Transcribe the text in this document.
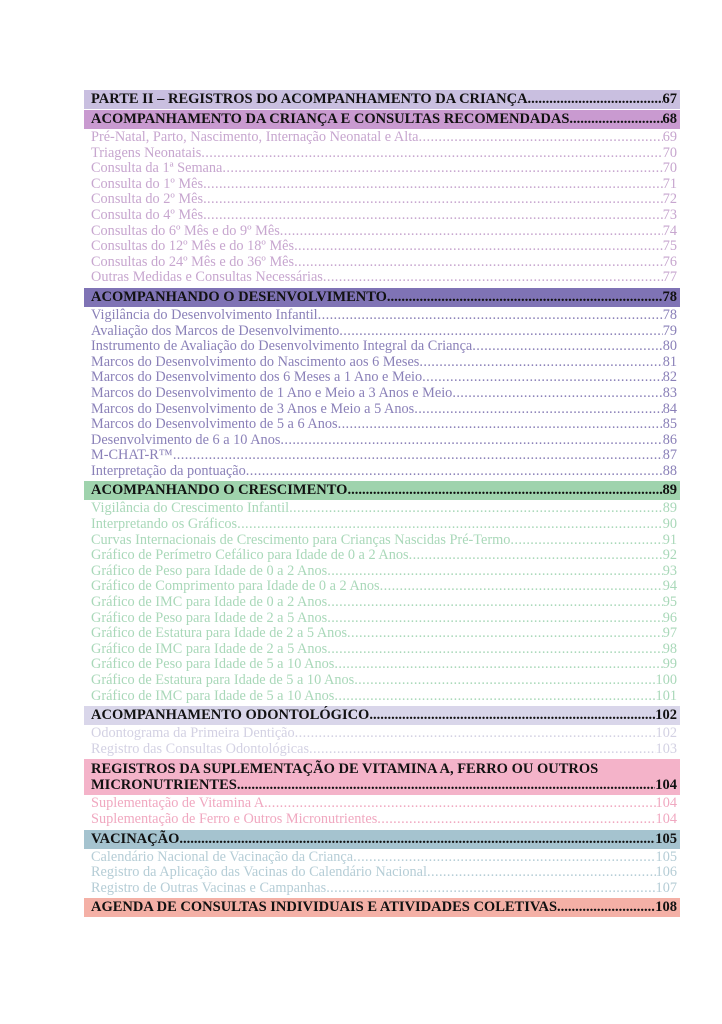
PARTE II – REGISTROS DO ACOMPANHAMENTO DA CRIANÇA .....	67
ACOMPANHAMENTO DA CRIANÇA E CONSULTAS RECOMENDADAS .....	68
Pré-Natal, Parto, Nascimento, Internação Neonatal e Alta .....	69
Triagens Neonatais .....	70
Consulta da 1ª Semana .....	70
Consulta do 1º Mês .....	71
Consulta do 2º Mês .....	72
Consulta do 4º Mês .....	73
Consultas do 6º Mês e do 9º Mês .....	74
Consultas do 12º Mês e do 18º Mês .....	75
Consultas do 24º Mês e do 36º Mês .....	76
Outras Medidas e Consultas Necessárias .....	77
ACOMPANHANDO O DESENVOLVIMENTO .....	78
Vigilância do Desenvolvimento Infantil .....	78
Avaliação dos Marcos de Desenvolvimento .....	79
Instrumento de Avaliação do Desenvolvimento Integral da Criança .....	80
Marcos do Desenvolvimento do Nascimento aos 6 Meses .....	81
Marcos do Desenvolvimento dos 6 Meses a 1 Ano e Meio .....	82
Marcos do Desenvolvimento de 1 Ano e Meio a 3 Anos e Meio .....	83
Marcos do Desenvolvimento de 3 Anos e Meio a 5 Anos .....	84
Marcos do Desenvolvimento de 5 a 6 Anos .....	85
Desenvolvimento de 6 a 10 Anos .....	86
M-CHAT-R™ .....	87
Interpretação da pontuação .....	88
ACOMPANHANDO O CRESCIMENTO .....	89
Vigilância do Crescimento Infantil .....	89
Interpretando os Gráficos .....	90
Curvas Internacionais de Crescimento para Crianças Nascidas Pré-Termo .....	91
Gráfico de Perímetro Cefálico para Idade de 0 a 2 Anos .....	92
Gráfico de Peso para Idade de 0 a 2 Anos .....	93
Gráfico de Comprimento para Idade de 0 a 2 Anos .....	94
Gráfico de IMC para Idade de 0 a 2 Anos .....	95
Gráfico de Peso para Idade de 2 a 5 Anos .....	96
Gráfico de Estatura para Idade de 2 a 5 Anos .....	97
Gráfico de IMC para Idade de 2 a 5 Anos .....	98
Gráfico de Peso para Idade de 5 a 10 Anos .....	99
Gráfico de Estatura para Idade de 5 a 10 Anos .....	100
Gráfico de IMC para Idade de 5 a 10 Anos .....	101
ACOMPANHAMENTO ODONTOLÓGICO .....	102
Odontograma da Primeira Dentição .....	102
Registro das Consultas Odontológicas .....	103
REGISTROS DA SUPLEMENTAÇÃO DE VITAMINA A, FERRO OU OUTROS
MICRONUTRIENTES .....	104
Suplementação de Vitamina A. .....	104
Suplementação de Ferro e Outros Micronutrientes .....	104
VACINAÇÃO .....	105
Calendário Nacional de Vacinação da Criança .....	105
Registro da Aplicação das Vacinas do Calendário Nacional .....	106
Registro de Outras Vacinas e Campanhas .....	107
AGENDA DE CONSULTAS INDIVIDUAIS E ATIVIDADES COLETIVAS .....	108
